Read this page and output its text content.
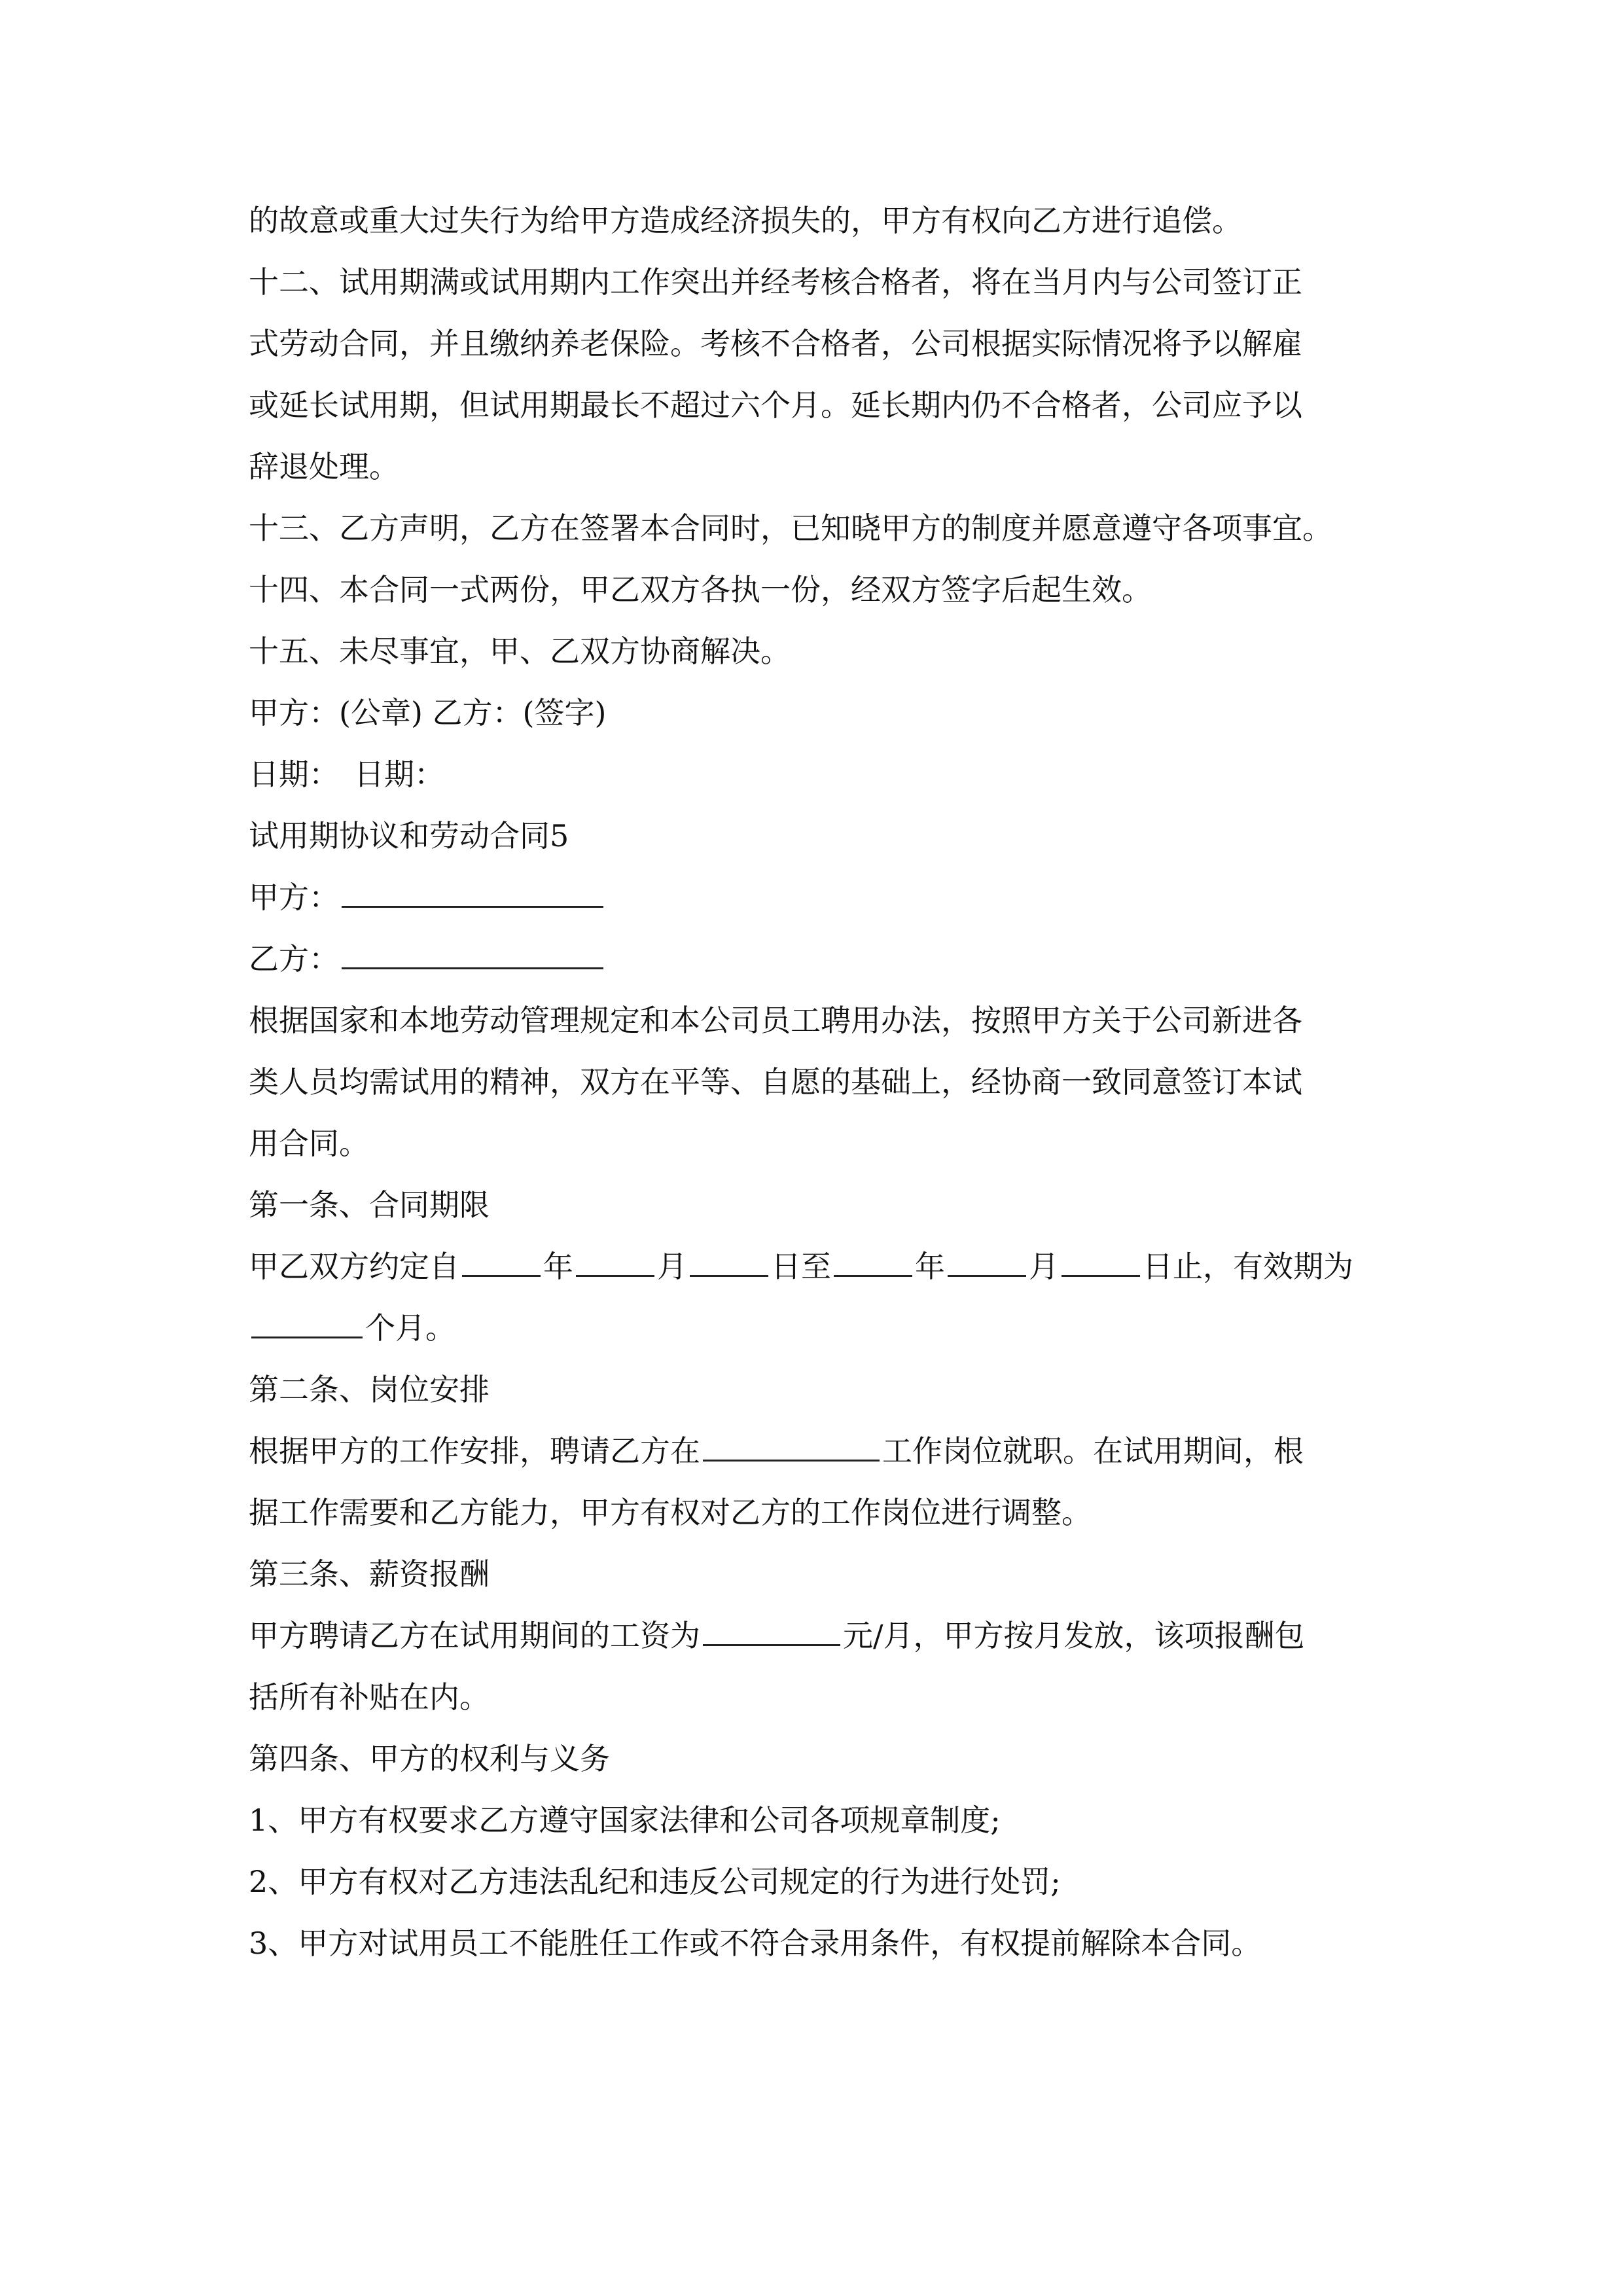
的故意或重大过失行为给甲方造成经济损失的，甲方有权向乙方进行追偿。

十二、试用期满或试用期内工作突出并经考核合格者，将在当月内与公司签订正

式劳动合同，并且缴纳养老保险。考核不合格者，公司根据实际情况将予以解雇

或延长试用期，但试用期最长不超过六个月。延长期内仍不合格者，公司应予以

辞退处理。

十三、乙方声明，乙方在签署本合同时，已知晓甲方的制度并愿意遵守各项事宜。

十四、本合同一式两份，甲乙双方各执一份，经双方签字后起生效。

十五、未尽事宜，甲、乙双方协商解决。

甲方：(公章) 乙方：(签字)

日期：　日期：

试用期协议和劳动合同5

甲方：

乙方：

根据国家和本地劳动管理规定和本公司员工聘用办法，按照甲方关于公司新进各

类人员均需试用的精神，双方在平等、自愿的基础上，经协商一致同意签订本试

用合同。

第一条、合同期限

甲乙双方约定自	年	月	日至	年	月	日止，有效期为

个月。

第二条、岗位安排

根据甲方的工作安排，聘请乙方在	工作岗位就职。在试用期间，根

据工作需要和乙方能力，甲方有权对乙方的工作岗位进行调整。

第三条、薪资报酬

甲方聘请乙方在试用期间的工资为	元/月，甲方按月发放，该项报酬包

括所有补贴在内。

第四条、甲方的权利与义务

1、甲方有权要求乙方遵守国家法律和公司各项规章制度;

2、甲方有权对乙方违法乱纪和违反公司规定的行为进行处罚;

3、甲方对试用员工不能胜任工作或不符合录用条件，有权提前解除本合同。
